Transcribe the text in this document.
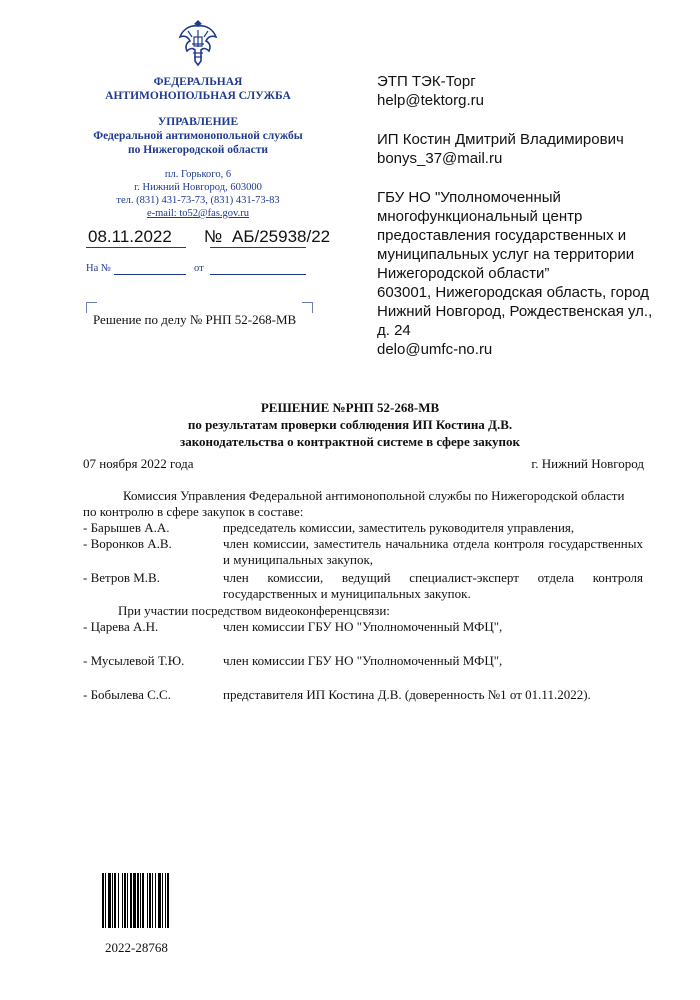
ФЕДЕРАЛЬНАЯ
АНТИМОНОПОЛЬНАЯ СЛУЖБА
УПРАВЛЕНИЕ
Федеральной антимонопольной службы
по Нижегородской области
пл. Горького, 6
г. Нижний Новгород, 603000
тел. (831) 431-73-73, (831) 431-73-83
e-mail: to52@fas.gov.ru
08.11.2022 № АБ/25938/22
На №	от
Решение по делу № РНП 52-268-МВ
ЭТП ТЭК-Торг
help@tektorg.ru
ИП Костин Дмитрий Владимирович
bonys_37@mail.ru
ГБУ НО "Уполномоченный
многофункциональный центр
предоставления государственных и
муниципальных услуг на территории
Нижегородской области”
603001, Нижегородская область, город
Нижний Новгород, Рождественская ул.,
д. 24
delo@umfc-no.ru
РЕШЕНИЕ №РНП 52-268-МВ
по результатам проверки соблюдения ИП Костина Д.В.
законодательства о контрактной системе в сфере закупок
07 ноября 2022 года	г. Нижний Новгород
Комиссия Управления Федеральной антимонопольной службы по Нижегородской области
по контролю в сфере закупок в составе:
- Барышев А.А.	председатель комиссии, заместитель руководителя управления,
- Воронков А.В.	член комиссии, заместитель начальника отдела контроля государственных
и муниципальных закупок,
- Ветров М.В.	член комиссии, ведущий специалист-эксперт отдела контроля
государственных и муниципальных закупок.
При участии посредством видеоконференцсвязи:
- Царева А.Н.	член комиссии ГБУ НО "Уполномоченный МФЦ",
- Мусылевой Т.Ю.	член комиссии ГБУ НО "Уполномоченный МФЦ",
- Бобылева С.С.	представителя ИП Костина Д.В. (доверенность №1 от 01.11.2022).
2022-28768
